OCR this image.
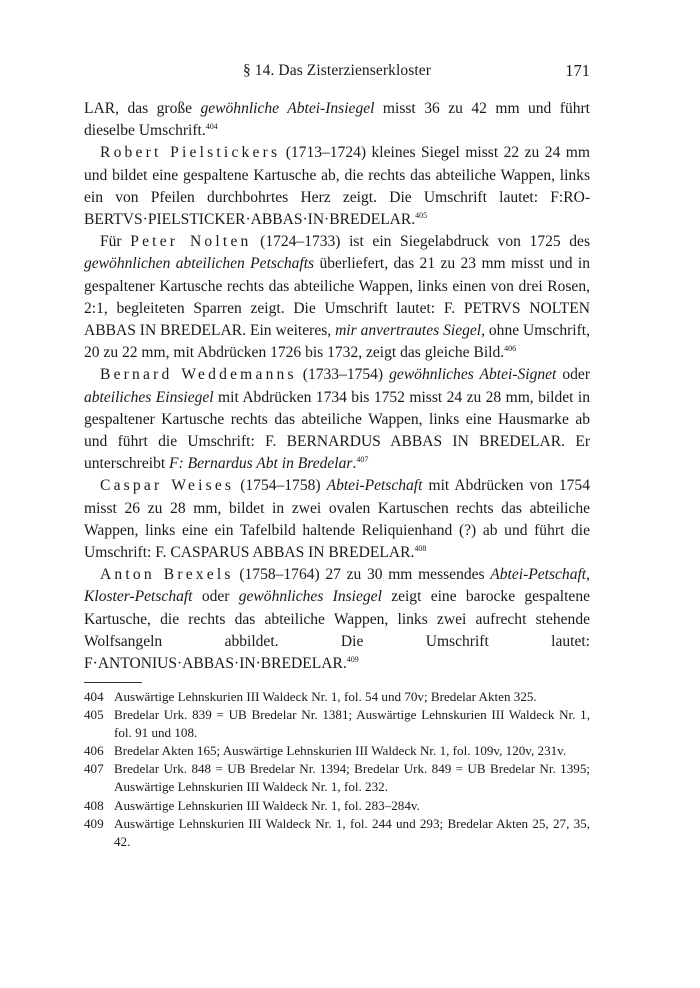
§ 14. Das Zisterzienserkloster	171

LAR, das große gewöhnliche Abtei-Insiegel misst 36 zu 42 mm und führt dieselbe Umschrift.$^{404}$

Robert Pielstickers (1713–1724) kleines Siegel misst 22 zu 24 mm und bildet eine gespaltene Kartusche ab, die rechts das abteiliche Wappen, links ein von Pfeilen durchbohrtes Herz zeigt. Die Umschrift lautet: F:ROBERTVS·PIELSTICKER·ABBAS·IN·BREDELAR.$^{405}$

Für Peter Nolten (1724–1733) ist ein Siegelabdruck von 1725 des gewöhnlichen abteilichen Petschafts überliefert, das 21 zu 23 mm misst und in gespaltener Kartusche rechts das abteiliche Wappen, links einen von drei Rosen, 2:1, begleiteten Sparren zeigt. Die Umschrift lautet: F. PETRVS NOLTEN ABBAS IN BREDELAR. Ein weiteres, mir anvertrautes Siegel, ohne Umschrift, 20 zu 22 mm, mit Abdrücken 1726 bis 1732, zeigt das gleiche Bild.$^{406}$

Bernard Weddemanns (1733–1754) gewöhnliches Abtei-Signet oder abteiliches Einsiegel mit Abdrücken 1734 bis 1752 misst 24 zu 28 mm, bildet in gespaltener Kartusche rechts das abteiliche Wappen, links eine Hausmarke ab und führt die Umschrift: F. BERNARDUS ABBAS IN BREDELAR. Er unterschreibt F: Bernardus Abt in Bredelar.$^{407}$

Caspar Weises (1754–1758) Abtei-Petschaft mit Abdrücken von 1754 misst 26 zu 28 mm, bildet in zwei ovalen Kartuschen rechts das abteiliche Wappen, links eine ein Tafelbild haltende Reliquienhand (?) ab und führt die Umschrift: F. CASPARUS ABBAS IN BREDELAR.$^{408}$

Anton Brexels (1758–1764) 27 zu 30 mm messendes Abtei-Petschaft, Kloster-Petschaft oder gewöhnliches Insiegel zeigt eine barocke gespaltene Kartusche, die rechts das abteiliche Wappen, links zwei aufrecht stehende Wolfsangeln abbildet. Die Umschrift lautet: F·ANTONIUS·ABBAS·IN·BREDELAR.$^{409}$

404 Auswärtige Lehnskurien III Waldeck Nr. 1, fol. 54 und 70v; Bredelar Akten 325.
405 Bredelar Urk. 839 = UB Bredelar Nr. 1381; Auswärtige Lehnskurien III Waldeck Nr. 1, fol. 91 und 108.
406 Bredelar Akten 165; Auswärtige Lehnskurien III Waldeck Nr. 1, fol. 109v, 120v, 231v.
407 Bredelar Urk. 848 = UB Bredelar Nr. 1394; Bredelar Urk. 849 = UB Bredelar Nr. 1395; Auswärtige Lehnskurien III Waldeck Nr. 1, fol. 232.
408 Auswärtige Lehnskurien III Waldeck Nr. 1, fol. 283–284v.
409 Auswärtige Lehnskurien III Waldeck Nr. 1, fol. 244 und 293; Bredelar Akten 25, 27, 35, 42.
